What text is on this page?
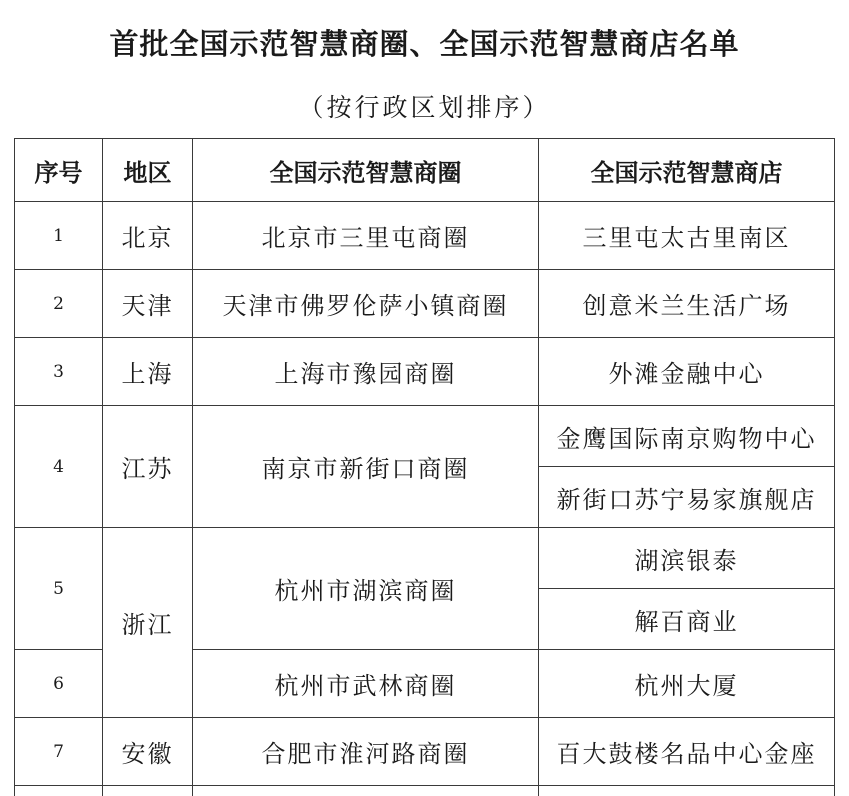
首批全国示范智慧商圈、全国示范智慧商店名单
（按行政区划排序）
序号	地区	全国示范智慧商圈	全国示范智慧商店
1	北京	北京市三里屯商圈	三里屯太古里南区
2	天津	天津市佛罗伦萨小镇商圈	创意米兰生活广场
3	上海	上海市豫园商圈	外滩金融中心
4	江苏	南京市新街口商圈	金鹰国际南京购物中心
			新街口苏宁易家旗舰店
5	浙江	杭州市湖滨商圈	湖滨银泰
			解百商业
6		杭州市武林商圈	杭州大厦
7	安徽	合肥市淮河路商圈	百大鼓楼名品中心金座
